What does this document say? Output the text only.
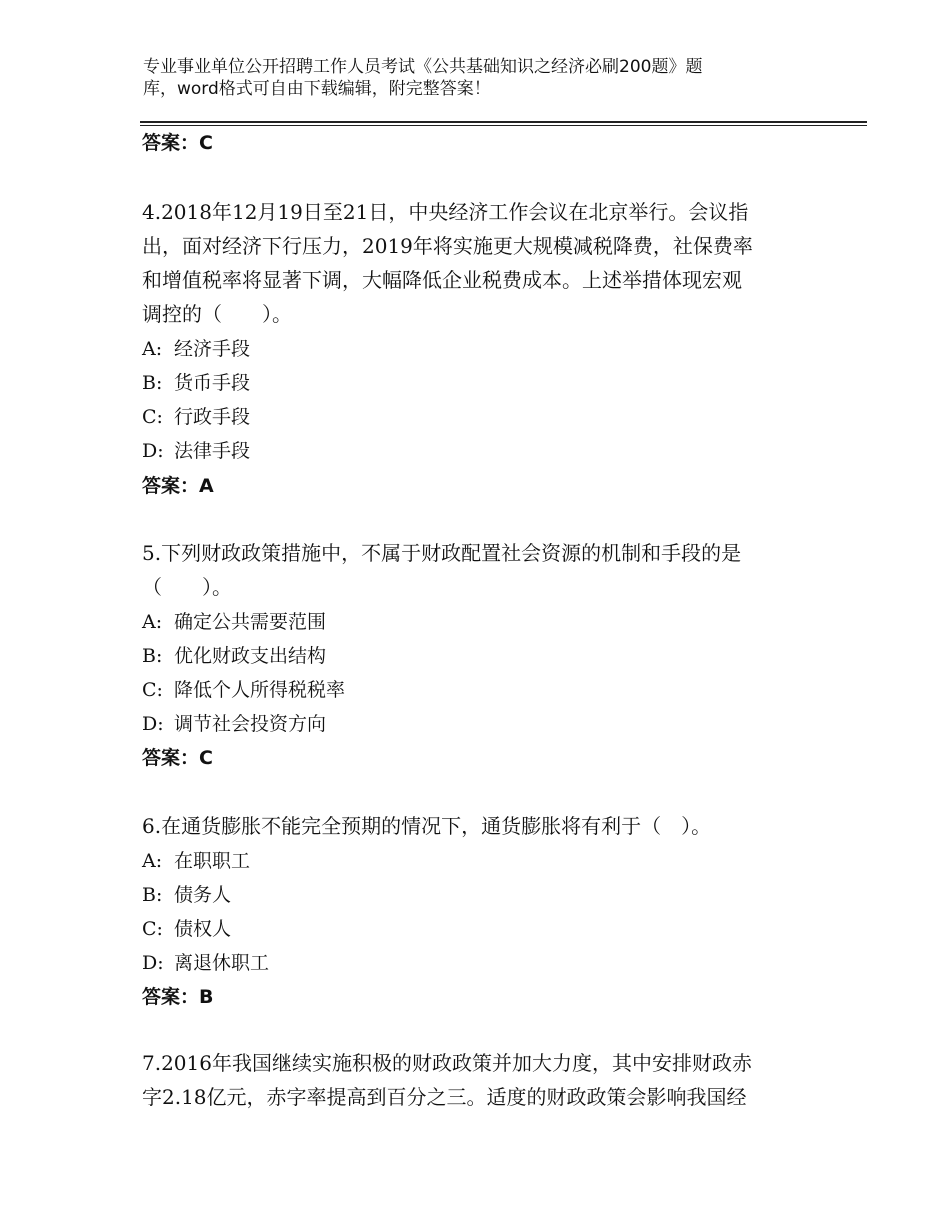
专业事业单位公开招聘工作人员考试《公共基础知识之经济必刷200题》题
库，word格式可自由下载编辑，附完整答案！
答案：C
4.2018年12月19日至21日，中央经济工作会议在北京举行。会议指
出，面对经济下行压力，2019年将实施更大规模减税降费，社保费率
和增值税率将显著下调，大幅降低企业税费成本。上述举措体现宏观
调控的（　　）。
A: 经济手段
B: 货币手段
C: 行政手段
D: 法律手段
答案：A
5.下列财政政策措施中，不属于财政配置社会资源的机制和手段的是
（　　）。
A: 确定公共需要范围
B: 优化财政支出结构
C: 降低个人所得税税率
D: 调节社会投资方向
答案：C
6.在通货膨胀不能完全预期的情况下，通货膨胀将有利于（　）。
A: 在职职工
B: 债务人
C: 债权人
D: 离退休职工
答案：B
7.2016年我国继续实施积极的财政政策并加大力度，其中安排财政赤
字2.18亿元，赤字率提高到百分之三。适度的财政政策会影响我国经
